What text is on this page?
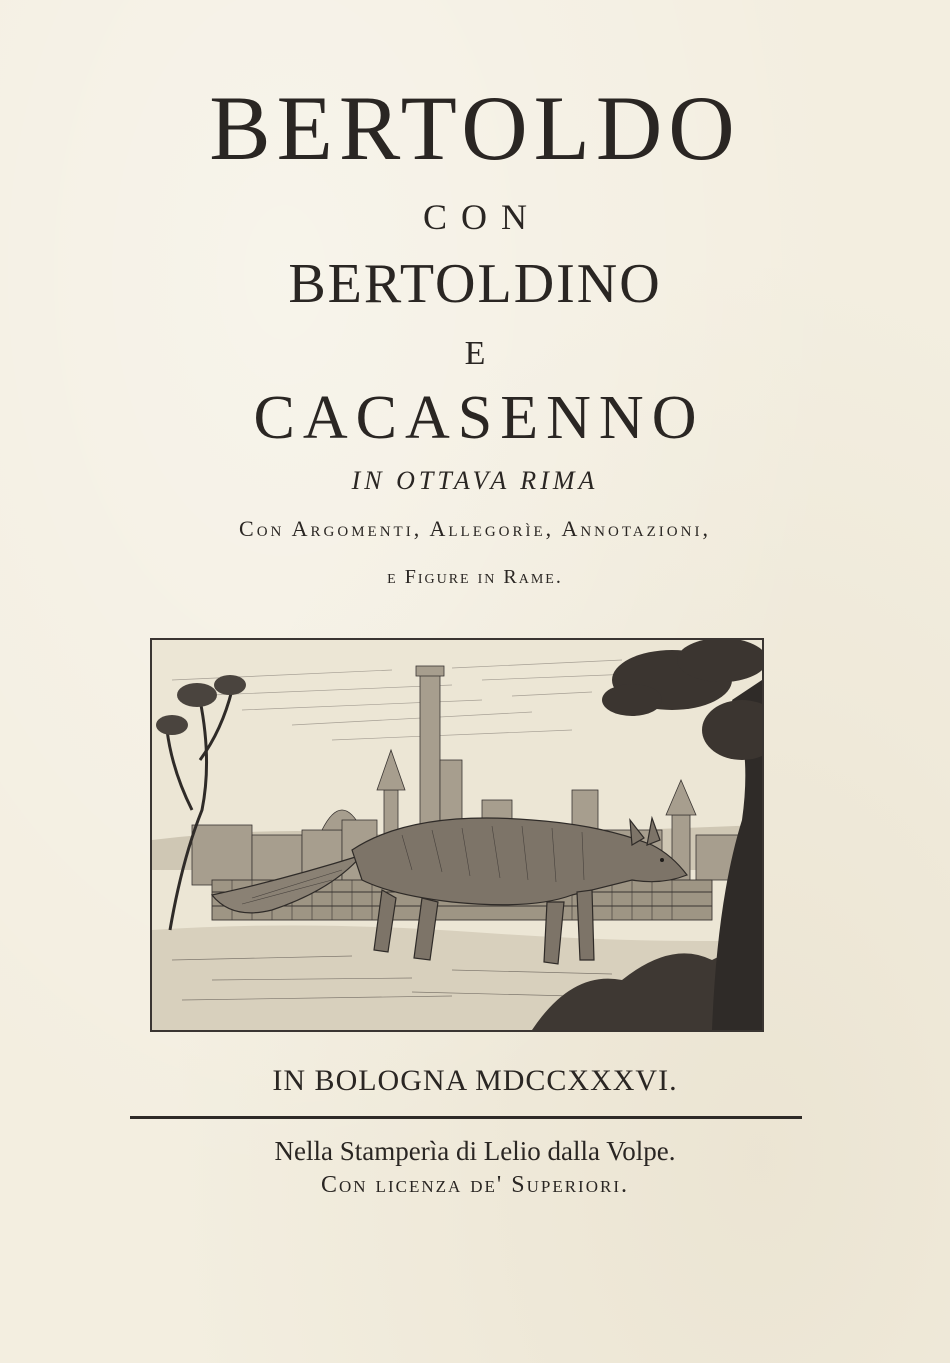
BERTOLDO
CON
BERTOLDINO
E
CACASENNO
IN OTTAVA RIMA
Con Argomenti, Allegorìe, Annotazioni,
e Figure in Rame.
IN BOLOGNA MDCCXXXVI.
Nella Stamperìa di Lelio dalla Volpe.
Con licenza de' Superiori.
